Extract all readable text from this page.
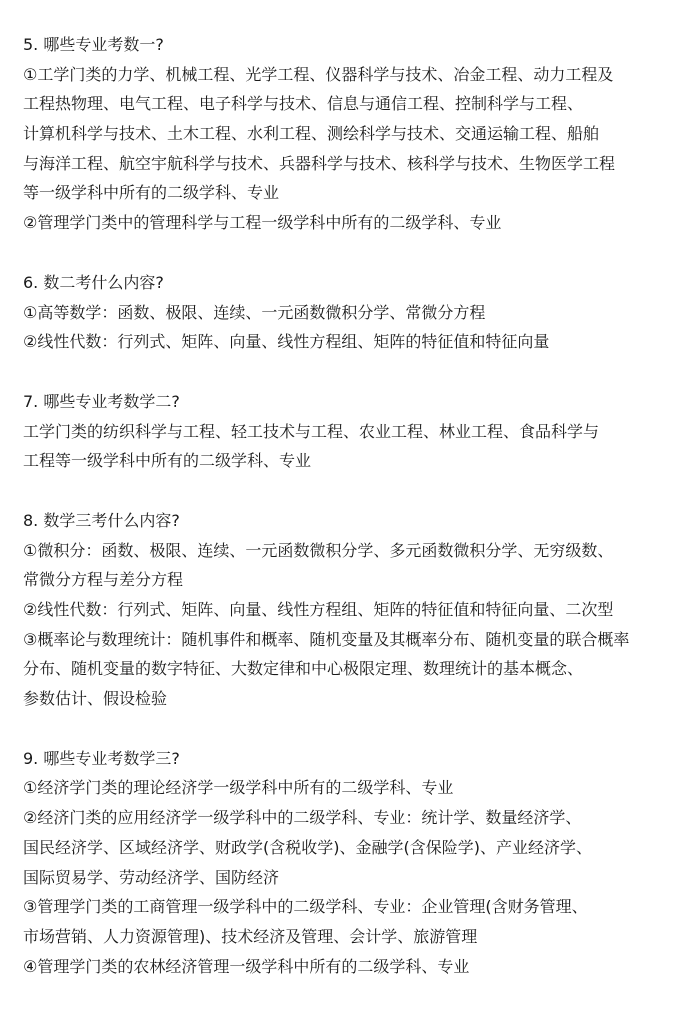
5. 哪些专业考数一?
①工学门类的力学、机械工程、光学工程、仪器科学与技术、冶金工程、动力工程及
工程热物理、电气工程、电子科学与技术、信息与通信工程、控制科学与工程、
计算机科学与技术、土木工程、水利工程、测绘科学与技术、交通运输工程、船舶
与海洋工程、航空宇航科学与技术、兵器科学与技术、核科学与技术、生物医学工程
等一级学科中所有的二级学科、专业
②管理学门类中的管理科学与工程一级学科中所有的二级学科、专业
6. 数二考什么内容?
①高等数学：函数、极限、连续、一元函数微积分学、常微分方程
②线性代数：行列式、矩阵、向量、线性方程组、矩阵的特征值和特征向量
7. 哪些专业考数学二?
工学门类的纺织科学与工程、轻工技术与工程、农业工程、林业工程、食品科学与
工程等一级学科中所有的二级学科、专业
8. 数学三考什么内容?
①微积分：函数、极限、连续、一元函数微积分学、多元函数微积分学、无穷级数、
常微分方程与差分方程
②线性代数：行列式、矩阵、向量、线性方程组、矩阵的特征值和特征向量、二次型
③概率论与数理统计：随机事件和概率、随机变量及其概率分布、随机变量的联合概率
分布、随机变量的数字特征、大数定律和中心极限定理、数理统计的基本概念、
参数估计、假设检验
9. 哪些专业考数学三?
①经济学门类的理论经济学一级学科中所有的二级学科、专业
②经济门类的应用经济学一级学科中的二级学科、专业：统计学、数量经济学、
国民经济学、区域经济学、财政学(含税收学)、金融学(含保险学)、产业经济学、
国际贸易学、劳动经济学、国防经济
③管理学门类的工商管理一级学科中的二级学科、专业：企业管理(含财务管理、
市场营销、人力资源管理)、技术经济及管理、会计学、旅游管理
④管理学门类的农林经济管理一级学科中所有的二级学科、专业
